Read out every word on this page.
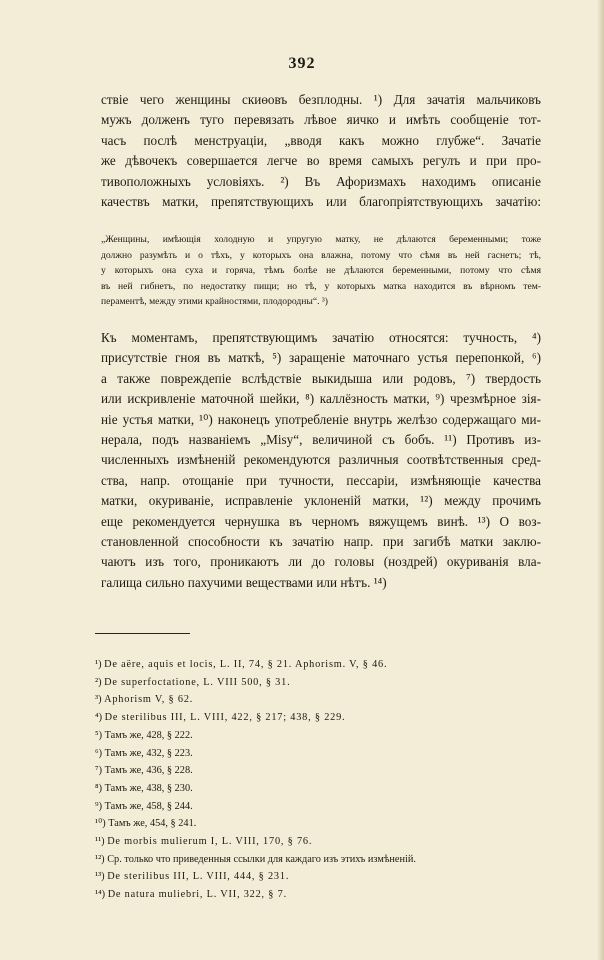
392
ствіе чего женщины скиѳовъ безплодны. ¹) Для зачатія мальчиковъ
мужъ долженъ туго перевязать лѣвое яичко и имѣть сообщеніе тот-
часъ послѣ менструаціи, „вводя какъ можно глубже“. Зачатіе
же дѣвочекъ совершается легче во время самыхъ регулъ и при про-
тивоположныхъ условіяхъ. ²) Въ Афоризмахъ находимъ описаніе
качествъ матки, препятствующихъ или благопріятствующихъ зачатію:
„Женщины, имѣющія холодную и упругую матку, не дѣлаются беременными; тоже
должно разумѣть и о тѣхъ, у которыхъ она влажна, потому что сѣмя въ ней гаснетъ; тѣ,
у которыхъ она суха и горяча, тѣмъ болѣе не дѣлаются беременными, потому что сѣмя
въ ней гибнетъ, по недостатку пищи; но тѣ, у которыхъ матка находится въ вѣрномъ тем-
пераментѣ, между этими крайностями, плодородны“. ³)
Къ моментамъ, препятствующимъ зачатію относятся: тучность, ⁴)
присутствіе гноя въ маткѣ, ⁵) заращеніе маточнаго устья перепонкой, ⁶)
а также повреждепіе вслѣдствіе выкидыша или родовъ, ⁷) твердость
или искривленіе маточной шейки, ⁸) каллёзность матки, ⁹) чрезмѣрное зія-
ніе устья матки, ¹⁰) наконецъ употребленіе внутрь желѣзо содержащаго ми-
нерала, подъ названіемъ „Misy“, величиной съ бобъ. ¹¹) Противъ из-
численныхъ измѣненій рекомендуются различныя соотвѣтственныя сред-
ства, напр. отощаніе при тучности, пессаріи, измѣняющіе качества
матки, окуриваніе, исправленіе уклоненій матки, ¹²) между прочимъ
еще рекомендуется чернушка въ черномъ вяжущемъ винѣ. ¹³) О воз-
становленной способности къ зачатію напр. при загибѣ матки заклю-
чаютъ изъ того, проникаютъ ли до головы (ноздрей) окуриванія вла-
галища сильно пахучими веществами или нѣтъ. ¹⁴)
¹) De aëre, aquis et locis, L. II, 74, § 21. Aphorism. V, § 46.
²) De superfoctatione, L. VIII 500, § 31.
³) Aphorism V, § 62.
⁴) De sterilibus III, L. VIII, 422, § 217; 438, § 229.
⁵) Тамъ же, 428, § 222.
⁶) Тамъ же, 432, § 223.
⁷) Тамъ же, 436, § 228.
⁸) Тамъ же, 438, § 230.
⁹) Тамъ же, 458, § 244.
¹⁰) Тамъ же, 454, § 241.
¹¹) De morbis mulierum I, L. VIII, 170, § 76.
¹²) Ср. только что приведенныя ссылки для каждаго изъ этихъ измѣненій.
¹³) De sterilibus III, L. VIII, 444, § 231.
¹⁴) De natura muliebri, L. VII, 322, § 7.
